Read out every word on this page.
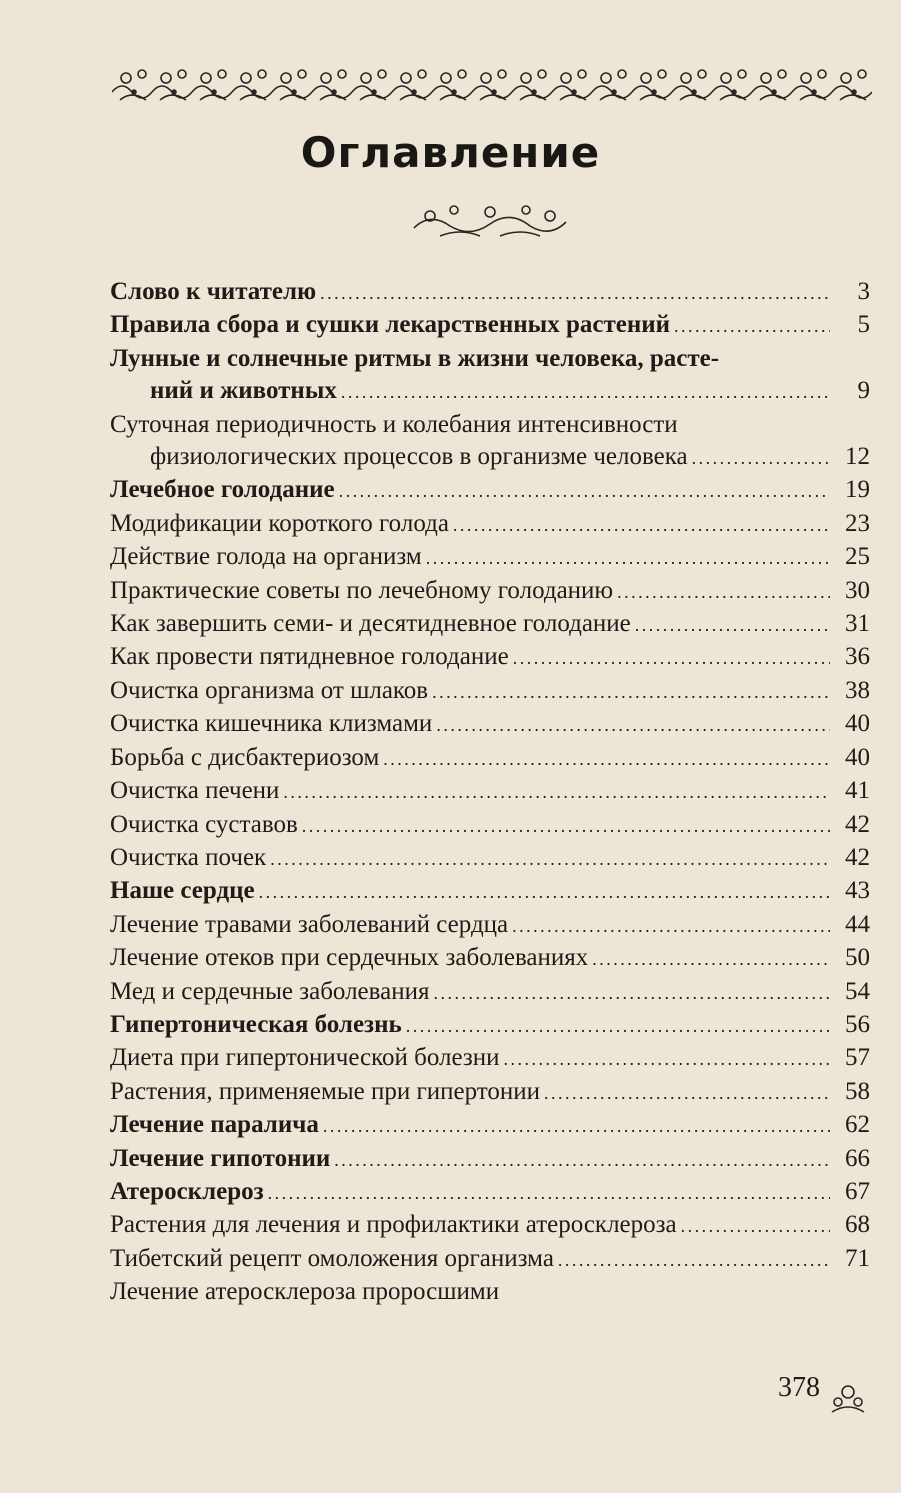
Оглавление
Слово к читателю . . .	3
Правила сбора и сушки лекарственных растений . . .	5
Лунные и солнечные ритмы в жизни человека, расте-
ний и животных . . .	9
Суточная периодичность и колебания интенсивности
физиологических процессов в организме человека . . .	12
Лечебное голодание . . .	19
Модификации короткого голода . . .	23
Действие голода на организм . . .	25
Практические советы по лечебному голоданию . . .	30
Как завершить семи- и десятидневное голодание . . .	31
Как провести пятидневное голодание . . .	36
Очистка организма от шлаков . . .	38
Очистка кишечника клизмами . . .	40
Борьба с дисбактериозом . . .	40
Очистка печени . . .	41
Очистка суставов . . .	42
Очистка почек . . .	42
Наше сердце . . .	43
Лечение травами заболеваний сердца . . .	44
Лечение отеков при сердечных заболеваниях . . .	50
Мед и сердечные заболевания . . .	54
Гипертоническая болезнь . . .	56
Диета при гипертонической болезни . . .	57
Растения, применяемые при гипертонии . . .	58
Лечение паралича . . .	62
Лечение гипотонии . . .	66
Атеросклероз . . .	67
Растения для лечения и профилактики атеросклероза . . .	68
Тибетский рецепт омоложения организма . . .	71
Лечение атеросклероза проросшими
378
